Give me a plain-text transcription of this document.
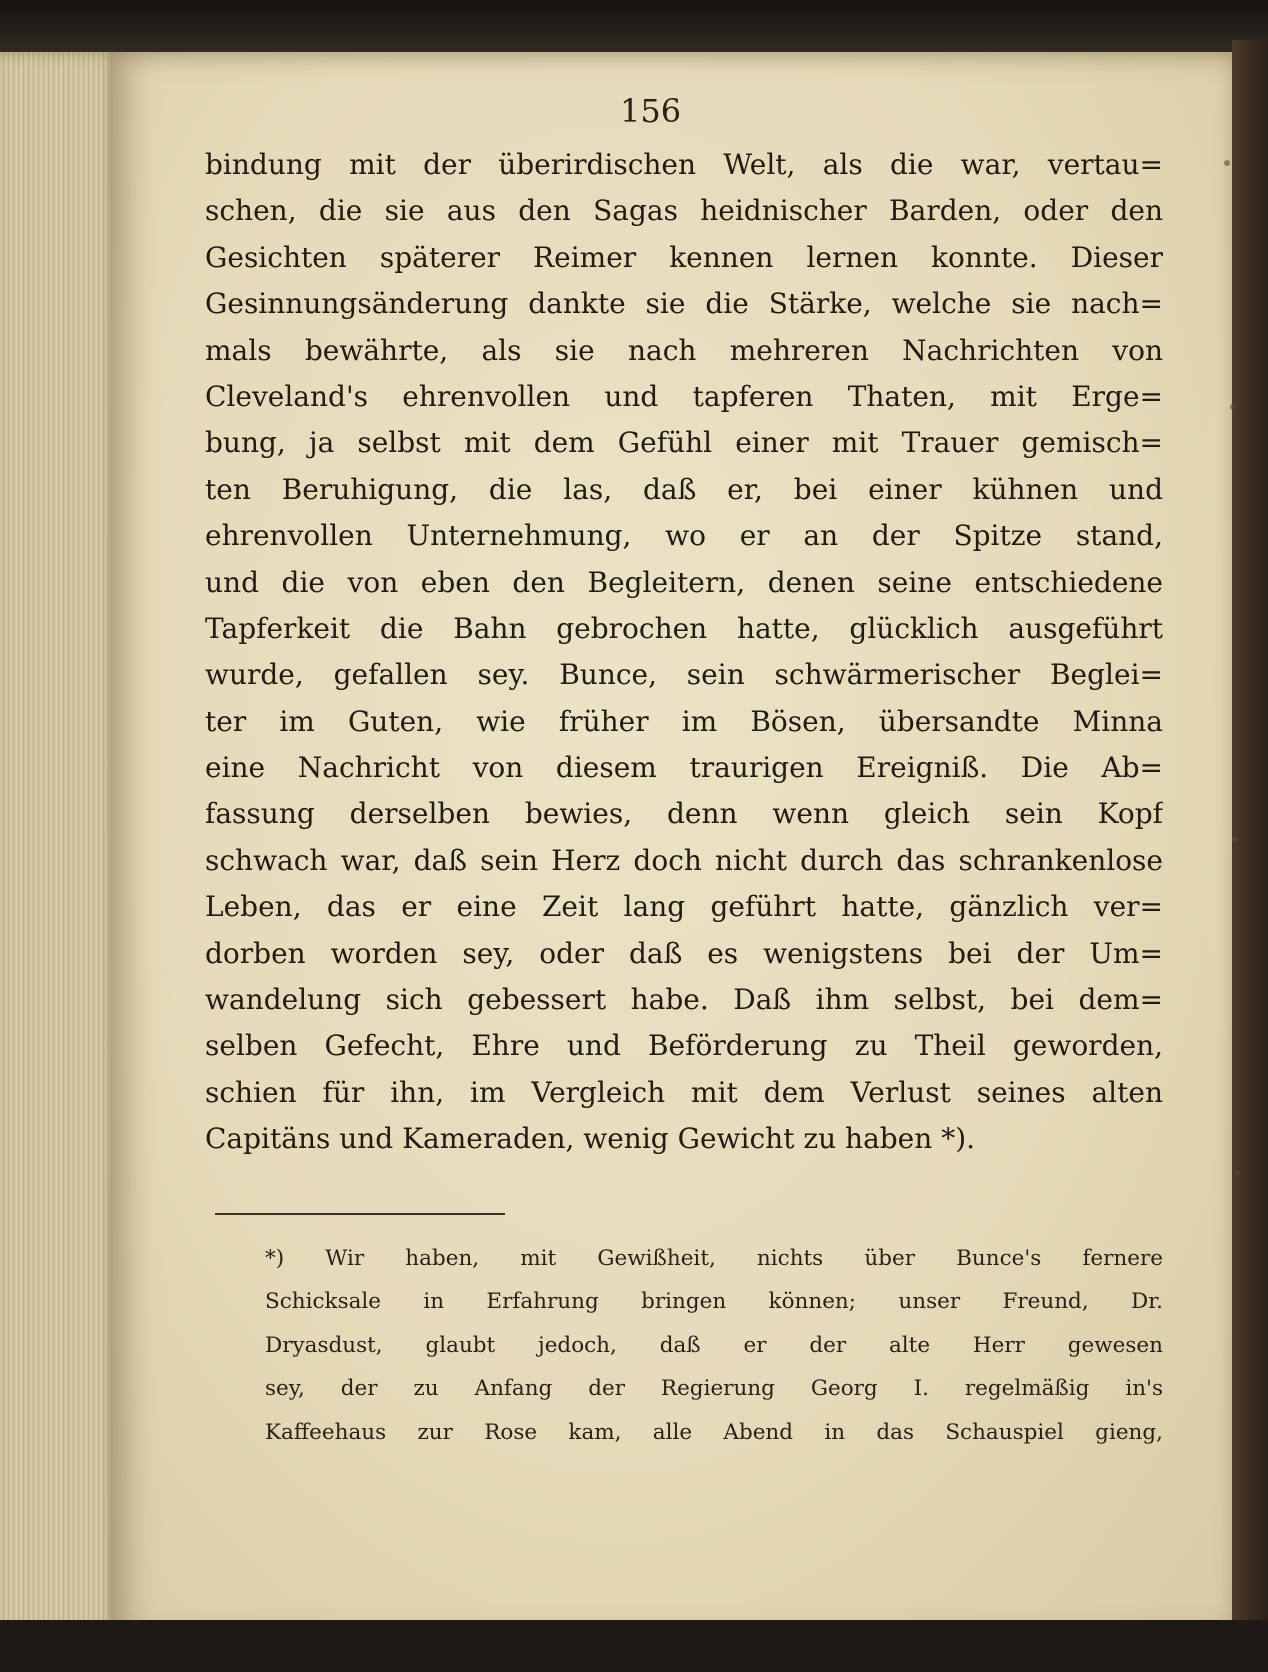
156
bindung mit der überirdischen Welt, als die war, vertau=
schen, die sie aus den Sagas heidnischer Barden, oder den
Gesichten späterer Reimer kennen lernen konnte. Dieser
Gesinnungsänderung dankte sie die Stärke, welche sie nach=
mals bewährte, als sie nach mehreren Nachrichten von
Cleveland's ehrenvollen und tapferen Thaten, mit Erge=
bung, ja selbst mit dem Gefühl einer mit Trauer gemisch=
ten Beruhigung, die las, daß er, bei einer kühnen und
ehrenvollen Unternehmung, wo er an der Spitze stand,
und die von eben den Begleitern, denen seine entschiedene
Tapferkeit die Bahn gebrochen hatte, glücklich ausgeführt
wurde, gefallen sey. Bunce, sein schwärmerischer Beglei=
ter im Guten, wie früher im Bösen, übersandte Minna
eine Nachricht von diesem traurigen Ereigniß. Die Ab=
fassung derselben bewies, denn wenn gleich sein Kopf
schwach war, daß sein Herz doch nicht durch das schrankenlose
Leben, das er eine Zeit lang geführt hatte, gänzlich ver=
dorben worden sey, oder daß es wenigstens bei der Um=
wandelung sich gebessert habe. Daß ihm selbst, bei dem=
selben Gefecht, Ehre und Beförderung zu Theil geworden,
schien für ihn, im Vergleich mit dem Verlust seines alten
Capitäns und Kameraden, wenig Gewicht zu haben *).
*) Wir haben, mit Gewißheit, nichts über Bunce's fernere
Schicksale in Erfahrung bringen können; unser Freund, Dr.
Dryasdust, glaubt jedoch, daß er der alte Herr gewesen
sey, der zu Anfang der Regierung Georg I. regelmäßig in's
Kaffeehaus zur Rose kam, alle Abend in das Schauspiel gieng,
